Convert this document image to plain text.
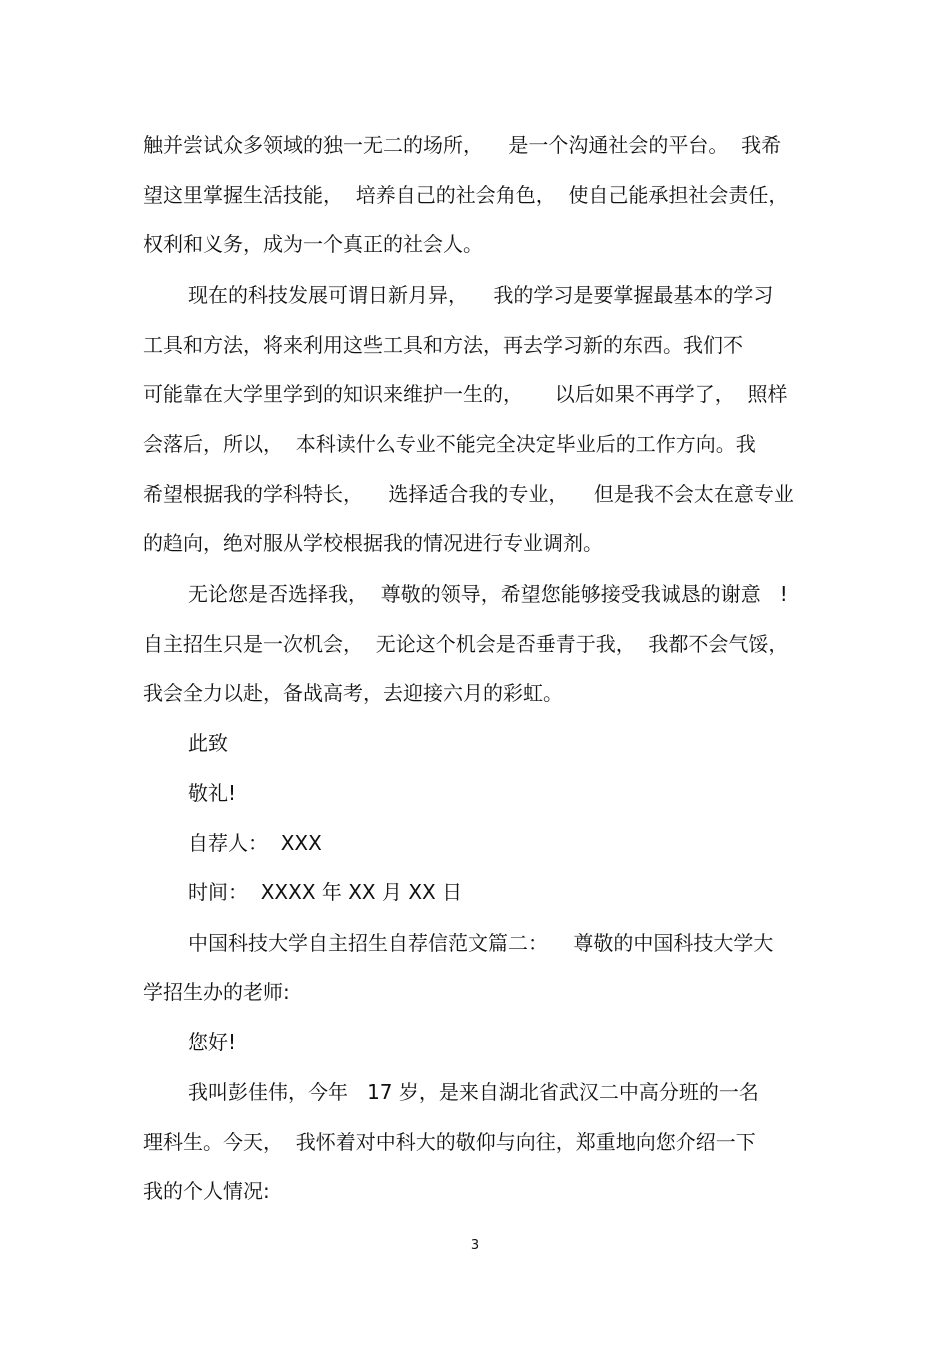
触并尝试众多领域的独一无二的场所，    是一个沟通社会的平台。  我希

望这里掌握生活技能，  培养自己的社会角色，  使自己能承担社会责任，

权利和义务，成为一个真正的社会人。

现在的科技发展可谓日新月异，    我的学习是要掌握最基本的学习

工具和方法，将来利用这些工具和方法，再去学习新的东西。我们不

可能靠在大学里学到的知识来维护一生的，     以后如果不再学了，  照样

会落后，所以，  本科读什么专业不能完全决定毕业后的工作方向。我

希望根据我的学科特长，    选择适合我的专业，    但是我不会太在意专业

的趋向，绝对服从学校根据我的情况进行专业调剂。

无论您是否选择我，  尊敬的领导，希望您能够接受我诚恳的谢意   !

自主招生只是一次机会，  无论这个机会是否垂青于我，  我都不会气馁，

我会全力以赴，备战高考，去迎接六月的彩虹。

此致

敬礼!

自荐人：  XXX

时间：  XXXX 年 XX 月 XX 日

中国科技大学自主招生自荐信范文篇二：    尊敬的中国科技大学大

学招生办的老师:

您好!

我叫彭佳伟，今年   17 岁，是来自湖北省武汉二中高分班的一名

理科生。今天，  我怀着对中科大的敬仰与向往，郑重地向您介绍一下

我的个人情况:

3
